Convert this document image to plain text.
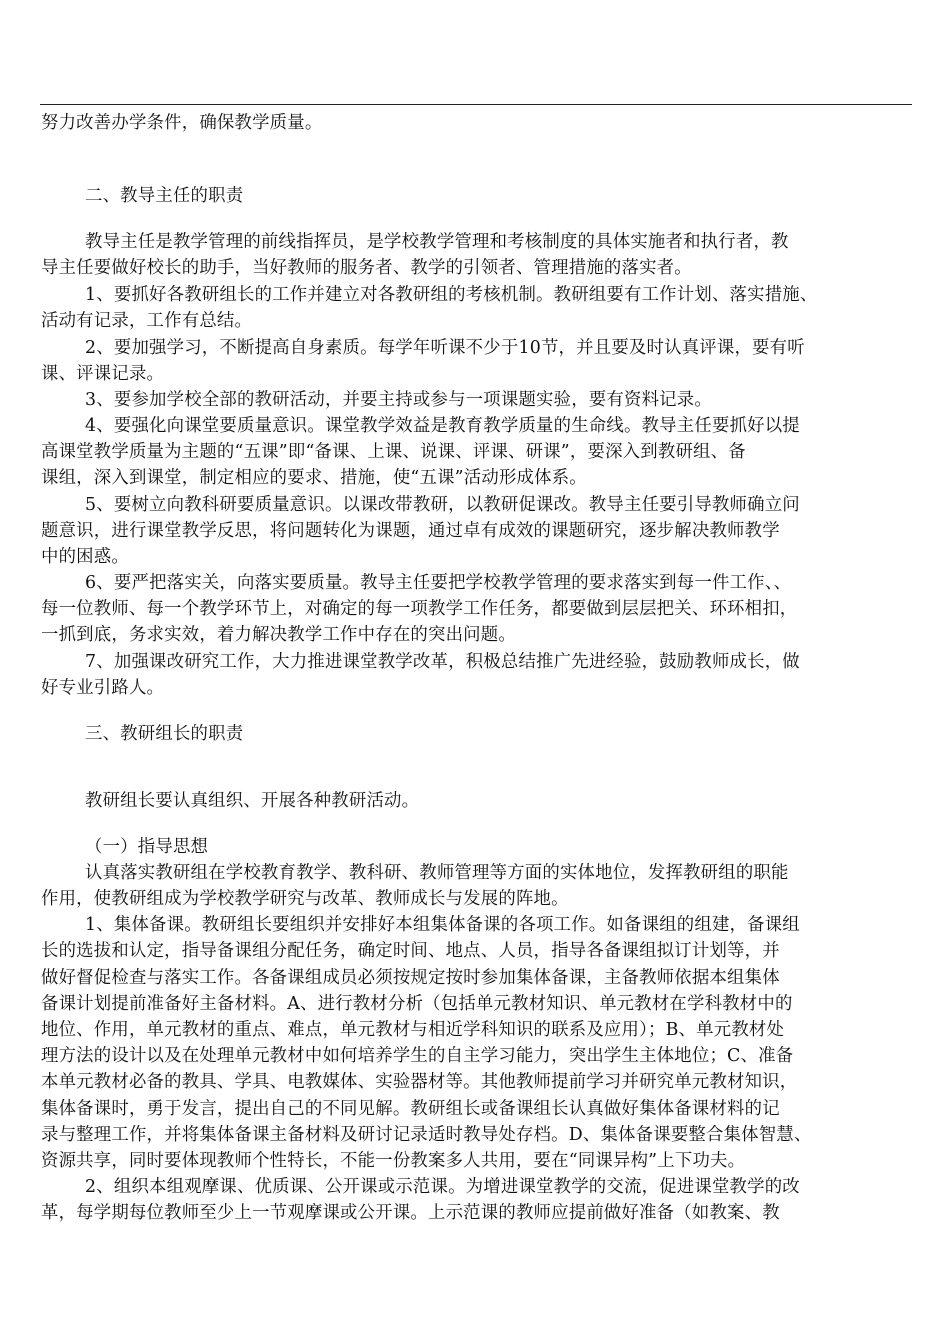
努力改善办学条件，确保教学质量。
二、教导主任的职责
教导主任是教学管理的前线指挥员，是学校教学管理和考核制度的具体实施者和执行者，教
导主任要做好校长的助手，当好教师的服务者、教学的引领者、管理措施的落实者。
1、要抓好各教研组长的工作并建立对各教研组的考核机制。教研组要有工作计划、落实措施、
活动有记录，工作有总结。
2、要加强学习，不断提高自身素质。每学年听课不少于10节，并且要及时认真评课，要有听
课、评课记录。
3、要参加学校全部的教研活动，并要主持或参与一项课题实验，要有资料记录。
4、要强化向课堂要质量意识。课堂教学效益是教育教学质量的生命线。教导主任要抓好以提
高课堂教学质量为主题的“五课”即“备课、上课、说课、评课、研课”，要深入到教研组、备
课组，深入到课堂，制定相应的要求、措施，使“五课”活动形成体系。
5、要树立向教科研要质量意识。以课改带教研，以教研促课改。教导主任要引导教师确立问
题意识，进行课堂教学反思，将问题转化为课题，通过卓有成效的课题研究，逐步解决教师教学
中的困惑。
6、要严把落实关，向落实要质量。教导主任要把学校教学管理的要求落实到每一件工作、、
每一位教师、每一个教学环节上，对确定的每一项教学工作任务，都要做到层层把关、环环相扣，
一抓到底，务求实效，着力解决教学工作中存在的突出问题。
7、加强课改研究工作，大力推进课堂教学改革，积极总结推广先进经验，鼓励教师成长，做
好专业引路人。
三、教研组长的职责
教研组长要认真组织、开展各种教研活动。
（一）指导思想
认真落实教研组在学校教育教学、教科研、教师管理等方面的实体地位，发挥教研组的职能
作用，使教研组成为学校教学研究与改革、教师成长与发展的阵地。
1、集体备课。教研组长要组织并安排好本组集体备课的各项工作。如备课组的组建，备课组
长的选拔和认定，指导备课组分配任务，确定时间、地点、人员，指导各备课组拟订计划等，并
做好督促检查与落实工作。各备课组成员必须按规定按时参加集体备课，主备教师依据本组集体
备课计划提前准备好主备材料。A、进行教材分析（包括单元教材知识、单元教材在学科教材中的
地位、作用，单元教材的重点、难点，单元教材与相近学科知识的联系及应用）；B、单元教材处
理方法的设计以及在处理单元教材中如何培养学生的自主学习能力，突出学生主体地位；C、准备
本单元教材必备的教具、学具、电教媒体、实验器材等。其他教师提前学习并研究单元教材知识，
集体备课时，勇于发言，提出自己的不同见解。教研组长或备课组长认真做好集体备课材料的记
录与整理工作，并将集体备课主备材料及研讨记录适时教导处存档。D、集体备课要整合集体智慧、
资源共享，同时要体现教师个性特长，不能一份教案多人共用，要在“同课异构”上下功夫。
2、组织本组观摩课、优质课、公开课或示范课。为增进课堂教学的交流，促进课堂教学的改
革，每学期每位教师至少上一节观摩课或公开课。上示范课的教师应提前做好准备（如教案、教
